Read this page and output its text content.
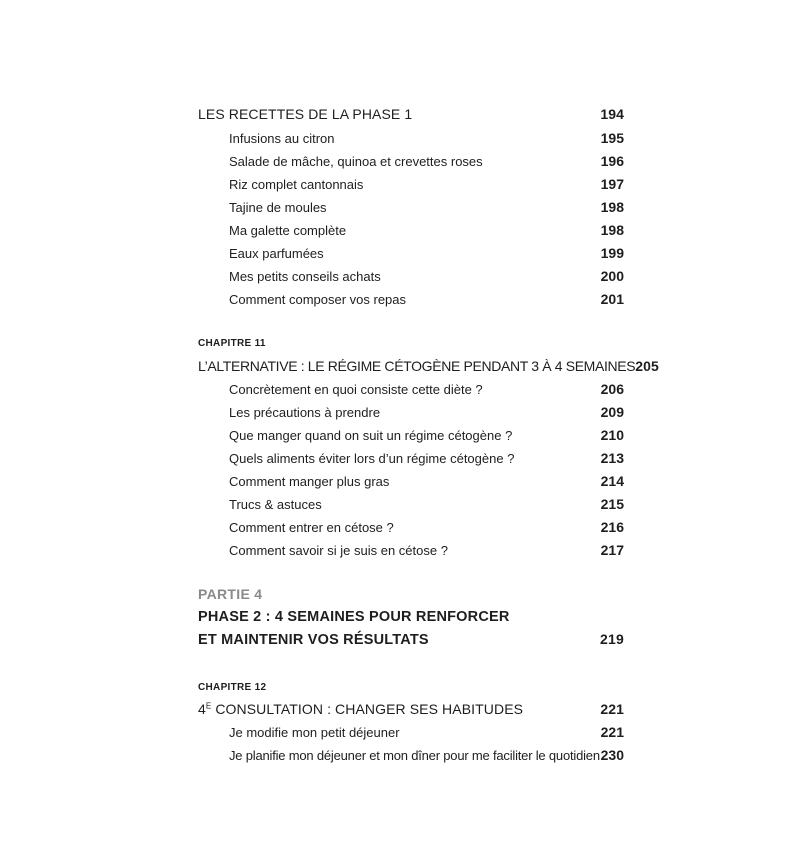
LES RECETTES DE LA PHASE 1	194
Infusions au citron	195
Salade de mâche, quinoa et crevettes roses	196
Riz complet cantonnais	197
Tajine de moules	198
Ma galette complète	198
Eaux parfumées	199
Mes petits conseils achats	200
Comment composer vos repas	201
CHAPITRE 11
L’ALTERNATIVE : LE RÉGIME CÉTOGÈNE PENDANT 3 À 4 SEMAINES 205
Concrètement en quoi consiste cette diète ?	206
Les précautions à prendre	209
Que manger quand on suit un régime cétogène ?	210
Quels aliments éviter lors d’un régime cétogène ?	213
Comment manger plus gras	214
Trucs & astuces	215
Comment entrer en cétose ?	216
Comment savoir si je suis en cétose ?	217
PARTIE 4
PHASE 2 : 4 SEMAINES POUR RENFORCER
ET MAINTENIR VOS RÉSULTATS	219
CHAPITRE 12
$4^E$ CONSULTATION : CHANGER SES HABITUDES	221
Je modifie mon petit déjeuner	221
Je planifie mon déjeuner et mon dîner pour me faciliter le quotidien 230
